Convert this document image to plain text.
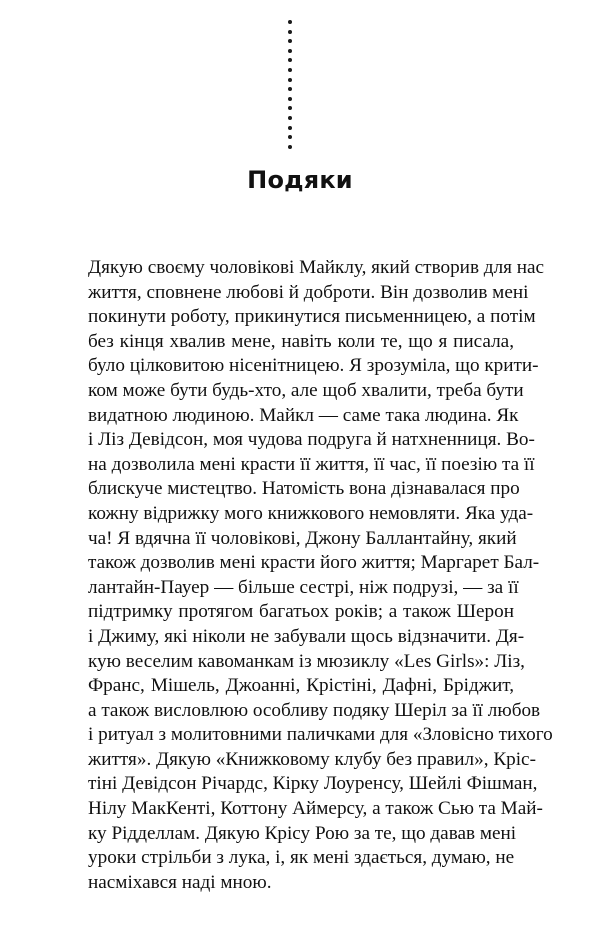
Подяки
Дякую своєму чоловікові Майклу, який створив для нас
життя, сповнене любові й доброти. Він дозволив мені
покинути роботу, прикинутися письменницею, а потім
без кінця хвалив мене, навіть коли те, що я писала,
було цілковитою нісенітницею. Я зрозуміла, що крити-
ком може бути будь-хто, але щоб хвалити, треба бути
видатною людиною. Майкл — саме така людина. Як
і Ліз Девідсон, моя чудова подруга й натхненниця. Во-
на дозволила мені красти її життя, її час, її поезію та її
блискуче мистецтво. Натомість вона дізнавалася про
кожну відрижку мого книжкового немовляти. Яка уда-
ча! Я вдячна її чоловікові, Джону Баллантайну, який
також дозволив мені красти його життя; Маргарет Бал-
лантайн-Пауер — більше сестрі, ніж подрузі, — за її
підтримку протягом багатьох років; а також Шерон
і Джиму, які ніколи не забували щось відзначити. Дя-
кую веселим кавоманкам із мюзиклу «Les Girls»: Ліз,
Франс, Мішель, Джоанні, Крістіні, Дафні, Бріджит,
а також висловлюю особливу подяку Шеріл за її любов
і ритуал з молитовними паличками для «Зловісно тихого
життя». Дякую «Книжковому клубу без правил», Кріс-
тіні Девідсон Річардс, Кірку Лоуренсу, Шейлі Фішман,
Нілу МакКенті, Коттону Аймерсу, а також Сью та Май-
ку Рідделлам. Дякую Крісу Рою за те, що давав мені
уроки стрільби з лука, і, як мені здається, думаю, не
насміхався наді мною.
